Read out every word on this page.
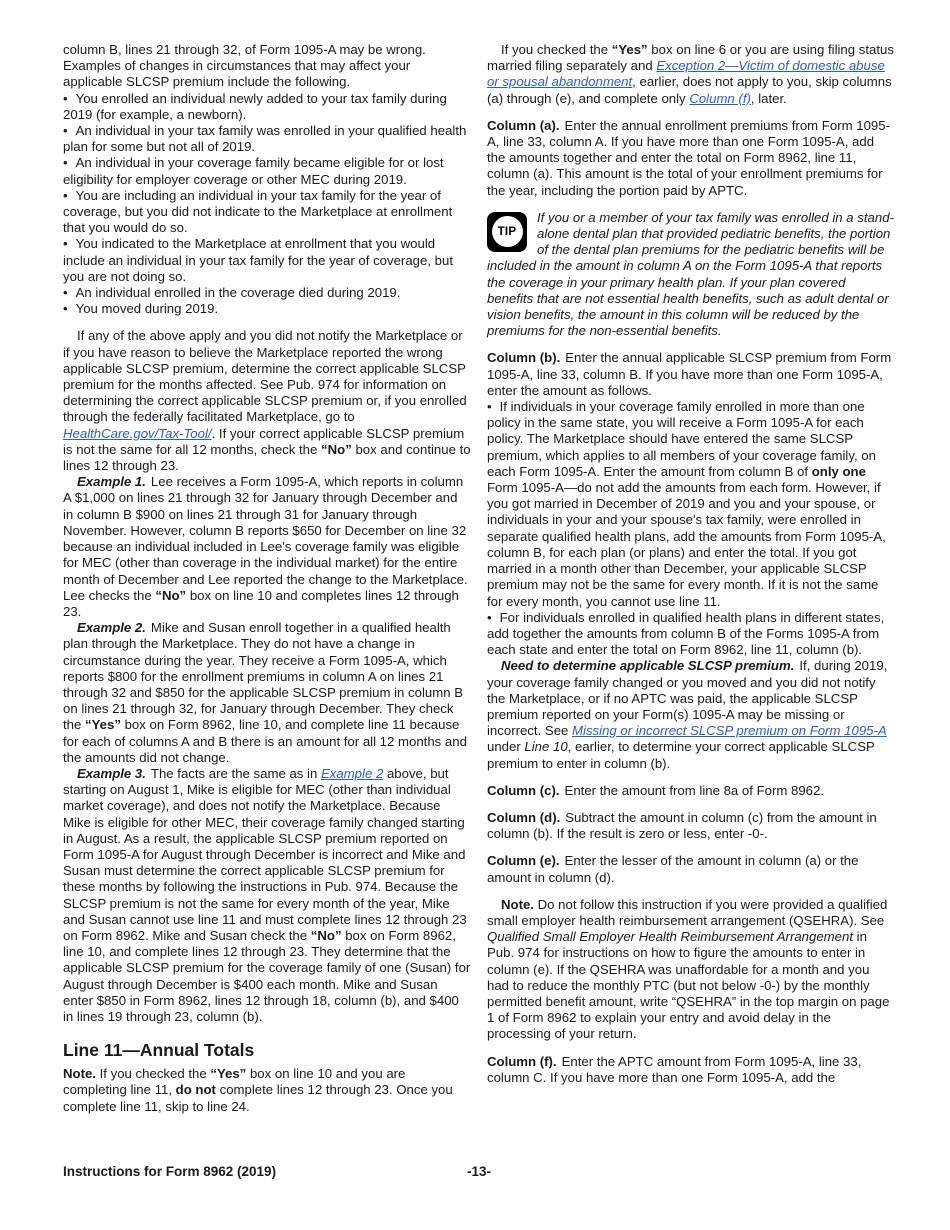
column B, lines 21 through 32, of Form 1095-A may be wrong. Examples of changes in circumstances that may affect your applicable SLCSP premium include the following.
• You enrolled an individual newly added to your tax family during 2019 (for example, a newborn).
• An individual in your tax family was enrolled in your qualified health plan for some but not all of 2019.
• An individual in your coverage family became eligible for or lost eligibility for employer coverage or other MEC during 2019.
• You are including an individual in your tax family for the year of coverage, but you did not indicate to the Marketplace at enrollment that you would do so.
• You indicated to the Marketplace at enrollment that you would include an individual in your tax family for the year of coverage, but you are not doing so.
• An individual enrolled in the coverage died during 2019.
• You moved during 2019.
If any of the above apply and you did not notify the Marketplace or if you have reason to believe the Marketplace reported the wrong applicable SLCSP premium, determine the correct applicable SLCSP premium for the months affected. See Pub. 974 for information on determining the correct applicable SLCSP premium or, if you enrolled through the federally facilitated Marketplace, go to HealthCare.gov/Tax-Tool/. If your correct applicable SLCSP premium is not the same for all 12 months, check the “No” box and continue to lines 12 through 23.
Example 1. Lee receives a Form 1095-A, which reports in column A $1,000 on lines 21 through 32 for January through December and in column B $900 on lines 21 through 31 for January through November. However, column B reports $650 for December on line 32 because an individual included in Lee's coverage family was eligible for MEC (other than coverage in the individual market) for the entire month of December and Lee reported the change to the Marketplace. Lee checks the “No” box on line 10 and completes lines 12 through 23.
Example 2. Mike and Susan enroll together in a qualified health plan through the Marketplace. They do not have a change in circumstance during the year. They receive a Form 1095-A, which reports $800 for the enrollment premiums in column A on lines 21 through 32 and $850 for the applicable SLCSP premium in column B on lines 21 through 32, for January through December. They check the “Yes” box on Form 8962, line 10, and complete line 11 because for each of columns A and B there is an amount for all 12 months and the amounts did not change.
Example 3. The facts are the same as in Example 2 above, but starting on August 1, Mike is eligible for MEC (other than individual market coverage), and does not notify the Marketplace. Because Mike is eligible for other MEC, their coverage family changed starting in August. As a result, the applicable SLCSP premium reported on Form 1095-A for August through December is incorrect and Mike and Susan must determine the correct applicable SLCSP premium for these months by following the instructions in Pub. 974. Because the SLCSP premium is not the same for every month of the year, Mike and Susan cannot use line 11 and must complete lines 12 through 23 on Form 8962. Mike and Susan check the “No” box on Form 8962, line 10, and complete lines 12 through 23. They determine that the applicable SLCSP premium for the coverage family of one (Susan) for August through December is $400 each month. Mike and Susan enter $850 in Form 8962, lines 12 through 18, column (b), and $400 in lines 19 through 23, column (b).
Line 11—Annual Totals
Note. If you checked the “Yes” box on line 10 and you are completing line 11, do not complete lines 12 through 23. Once you complete line 11, skip to line 24.
If you checked the “Yes” box on line 6 or you are using filing status married filing separately and Exception 2—Victim of domestic abuse or spousal abandonment, earlier, does not apply to you, skip columns (a) through (e), and complete only Column (f), later.
Column (a). Enter the annual enrollment premiums from Form 1095-A, line 33, column A. If you have more than one Form 1095-A, add the amounts together and enter the total on Form 8962, line 11, column (a). This amount is the total of your enrollment premiums for the year, including the portion paid by APTC.
TIP
If you or a member of your tax family was enrolled in a stand-alone dental plan that provided pediatric benefits, the portion of the dental plan premiums for the pediatric benefits will be included in the amount in column A on the Form 1095-A that reports the coverage in your primary health plan. If your plan covered benefits that are not essential health benefits, such as adult dental or vision benefits, the amount in this column will be reduced by the premiums for the non-essential benefits.
Column (b). Enter the annual applicable SLCSP premium from Form 1095-A, line 33, column B. If you have more than one Form 1095-A, enter the amount as follows.
• If individuals in your coverage family enrolled in more than one policy in the same state, you will receive a Form 1095-A for each policy. The Marketplace should have entered the same SLCSP premium, which applies to all members of your coverage family, on each Form 1095-A. Enter the amount from column B of only one Form 1095-A—do not add the amounts from each form. However, if you got married in December of 2019 and you and your spouse, or individuals in your and your spouse's tax family, were enrolled in separate qualified health plans, add the amounts from Form 1095-A, column B, for each plan (or plans) and enter the total. If you got married in a month other than December, your applicable SLCSP premium may not be the same for every month. If it is not the same for every month, you cannot use line 11.
• For individuals enrolled in qualified health plans in different states, add together the amounts from column B of the Forms 1095-A from each state and enter the total on Form 8962, line 11, column (b).
Need to determine applicable SLCSP premium. If, during 2019, your coverage family changed or you moved and you did not notify the Marketplace, or if no APTC was paid, the applicable SLCSP premium reported on your Form(s) 1095-A may be missing or incorrect. See Missing or incorrect SLCSP premium on Form 1095-A under Line 10, earlier, to determine your correct applicable SLCSP premium to enter in column (b).
Column (c). Enter the amount from line 8a of Form 8962.
Column (d). Subtract the amount in column (c) from the amount in column (b). If the result is zero or less, enter -0-.
Column (e). Enter the lesser of the amount in column (a) or the amount in column (d).
Note. Do not follow this instruction if you were provided a qualified small employer health reimbursement arrangement (QSEHRA). See Qualified Small Employer Health Reimbursement Arrangement in Pub. 974 for instructions on how to figure the amounts to enter in column (e). If the QSEHRA was unaffordable for a month and you had to reduce the monthly PTC (but not below -0-) by the monthly permitted benefit amount, write “QSEHRA” in the top margin on page 1 of Form 8962 to explain your entry and avoid delay in the processing of your return.
Column (f). Enter the APTC amount from Form 1095-A, line 33, column C. If you have more than one Form 1095-A, add the
-13-
Instructions for Form 8962 (2019)
